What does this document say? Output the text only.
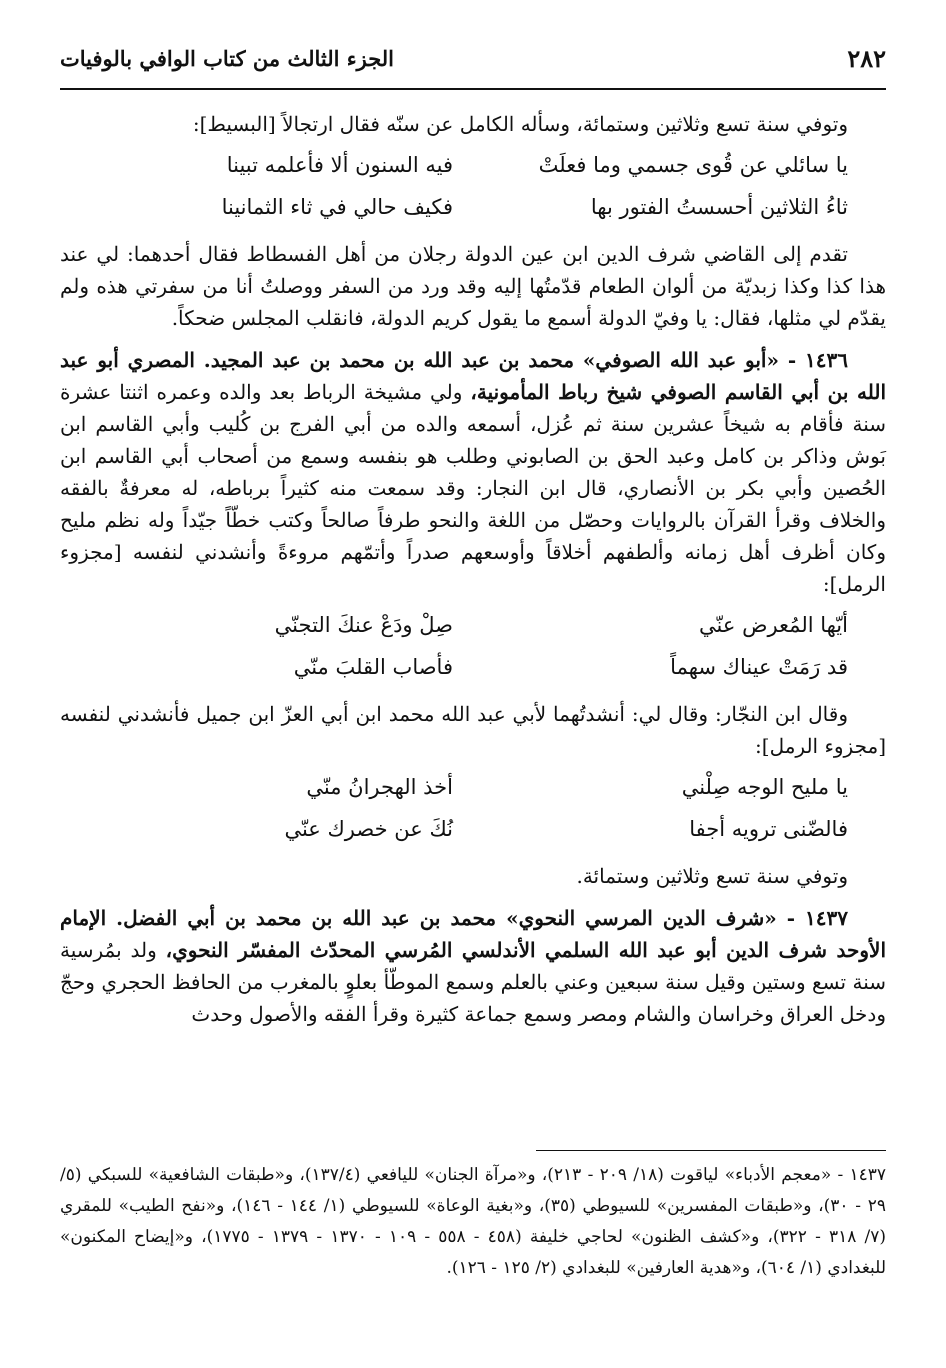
٢٨٢
الجزء الثالث من كتاب الوافي بالوفيات

وتوفي سنة تسع وثلاثين وستمائة، وسأله الكامل عن سنّه فقال ارتجالاً [البسيط]:

يا سائلي عن قُوى جسمي وما فعلَتْ
فيه السنون ألا فأعلمه تبينا
ثاءُ الثلاثين أحسستُ الفتور بها
فكيف حالي في ثاء الثمانينا

تقدم إلى القاضي شرف الدين ابن عين الدولة رجلان من أهل الفسطاط فقال أحدهما: لي عند هذا كذا وكذا زبديّة من ألوان الطعام قدّمتُها إليه وقد ورد من السفر ووصلتُ أنا من سفرتي هذه ولم يقدّم لي مثلها، فقال: يا وفيّ الدولة أسمع ما يقول كريم الدولة، فانقلب المجلس ضحكاً.

١٤٣٦ - «أبو عبد الله الصوفي» محمد بن عبد الله بن محمد بن عبد المجيد. المصري أبو عبد الله بن أبي القاسم الصوفي شيخ رباط المأمونية، ولي مشيخة الرباط بعد والده وعمره اثنتا عشرة سنة فأقام به شيخاً عشرين سنة ثم عُزل، أسمعه والده من أبي الفرج بن كُليب وأبي القاسم ابن بَوش وذاكر بن كامل وعبد الحق بن الصابوني وطلب هو بنفسه وسمع من أصحاب أبي القاسم ابن الحُصين وأبي بكر بن الأنصاري، قال ابن النجار: وقد سمعت منه كثيراً برباطه، له معرفةٌ بالفقه والخلاف وقرأ القرآن بالروايات وحصّل من اللغة والنحو طرفاً صالحاً وكتب خطّاً جيّداً وله نظم مليح وكان أظرف أهل زمانه وألطفهم أخلاقاً وأوسعهم صدراً وأتمّهم مروءةً وأنشدني لنفسه [مجزوء الرمل]:

أيّها المُعرض عنّي
صِلْ ودَعْ عنكَ التجنّي
قد رَمَتْ عيناك سهماً
فأصاب القلبَ منّي

وقال ابن النجّار: وقال لي: أنشدتُهما لأبي عبد الله محمد ابن أبي العزّ ابن جميل فأنشدني لنفسه [مجزوء الرمل]:

يا مليح الوجه صِلْني
أخذ الهجرانُ منّي
فالضّنى ترويه أجفا
نُكَ عن خصرك عنّي

وتوفي سنة تسع وثلاثين وستمائة.

١٤٣٧ - «شرف الدين المرسي النحوي» محمد بن عبد الله بن محمد بن أبي الفضل. الإمام الأوحد شرف الدين أبو عبد الله السلمي الأندلسي المُرسي المحدّث المفسّر النحوي، ولد بمُرسية سنة تسع وستين وقيل سنة سبعين وعني بالعلم وسمع الموطّأ بعلوٍ بالمغرب من الحافظ الحجري وحجّ ودخل العراق وخراسان والشام ومصر وسمع جماعة كثيرة وقرأ الفقه والأصول وحدث

١٤٣٧ - «معجم الأدباء» لياقوت (١٨/ ٢٠٩ - ٢١٣)، و«مرآة الجنان» لليافعي (١٣٧/٤)، و«طبقات الشافعية» للسبكي (٥/ ٢٩ - ٣٠)، و«طبقات المفسرين» للسيوطي (٣٥)، و«بغية الوعاة» للسيوطي (١/ ١٤٤ - ١٤٦)، و«نفح الطيب» للمقري (٧/ ٣١٨ - ٣٢٢)، و«كشف الظنون» لحاجي خليفة (٤٥٨ - ٥٥٨ - ١٠٩ - ١٣٧٠ - ١٣٧٩ - ١٧٧٥)، و«إيضاح المكنون» للبغدادي (١/ ٦٠٤)، و«هدية العارفين» للبغدادي (٢/ ١٢٥ - ١٢٦).
